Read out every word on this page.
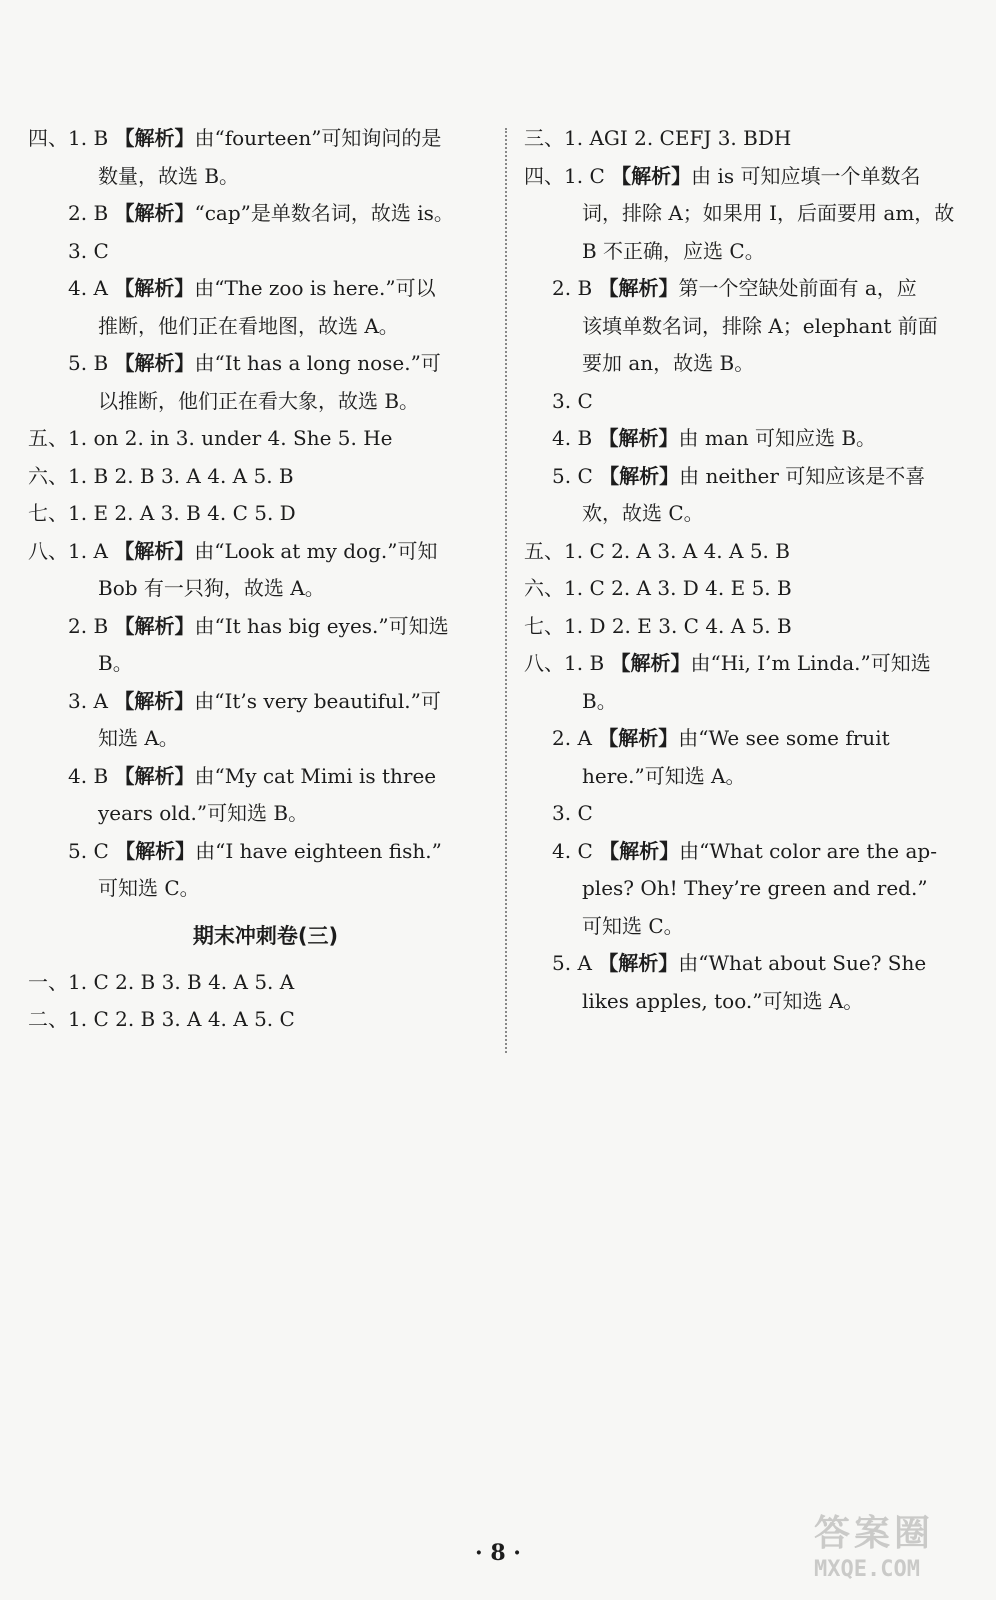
四、1. B 【解析】由“fourteen”可知询问的是
数量，故选 B。
2. B 【解析】“cap”是单数名词，故选 is。
3. C
4. A 【解析】由“The zoo is here.”可以
推断，他们正在看地图，故选 A。
5. B 【解析】由“It has a long nose.”可
以推断，他们正在看大象，故选 B。
五、1. on 2. in 3. under 4. She 5. He
六、1. B 2. B 3. A 4. A 5. B
七、1. E 2. A 3. B 4. C 5. D
八、1. A 【解析】由“Look at my dog.”可知
Bob 有一只狗，故选 A。
2. B 【解析】由“It has big eyes.”可知选
B。
3. A 【解析】由“It’s very beautiful.”可
知选 A。
4. B 【解析】由“My cat Mimi is three
years old.”可知选 B。
5. C 【解析】由“I have eighteen fish.”
可知选 C。
期末冲刺卷(三)
一、1. C 2. B 3. B 4. A 5. A
二、1. C 2. B 3. A 4. A 5. C
三、1. AGI 2. CEFJ 3. BDH
四、1. C 【解析】由 is 可知应填一个单数名
词，排除 A；如果用 I，后面要用 am，故
B 不正确，应选 C。
2. B 【解析】第一个空缺处前面有 a，应
该填单数名词，排除 A；elephant 前面
要加 an，故选 B。
3. C
4. B 【解析】由 man 可知应选 B。
5. C 【解析】由 neither 可知应该是不喜
欢，故选 C。
五、1. C 2. A 3. A 4. A 5. B
六、1. C 2. A 3. D 4. E 5. B
七、1. D 2. E 3. C 4. A 5. B
八、1. B 【解析】由“Hi, I’m Linda.”可知选
B。
2. A 【解析】由“We see some fruit
here.”可知选 A。
3. C
4. C 【解析】由“What color are the ap-
ples? Oh! They’re green and red.”
可知选 C。
5. A 【解析】由“What about Sue? She
likes apples, too.”可知选 A。
· 8 ·	答案圈
MXQE.COM
